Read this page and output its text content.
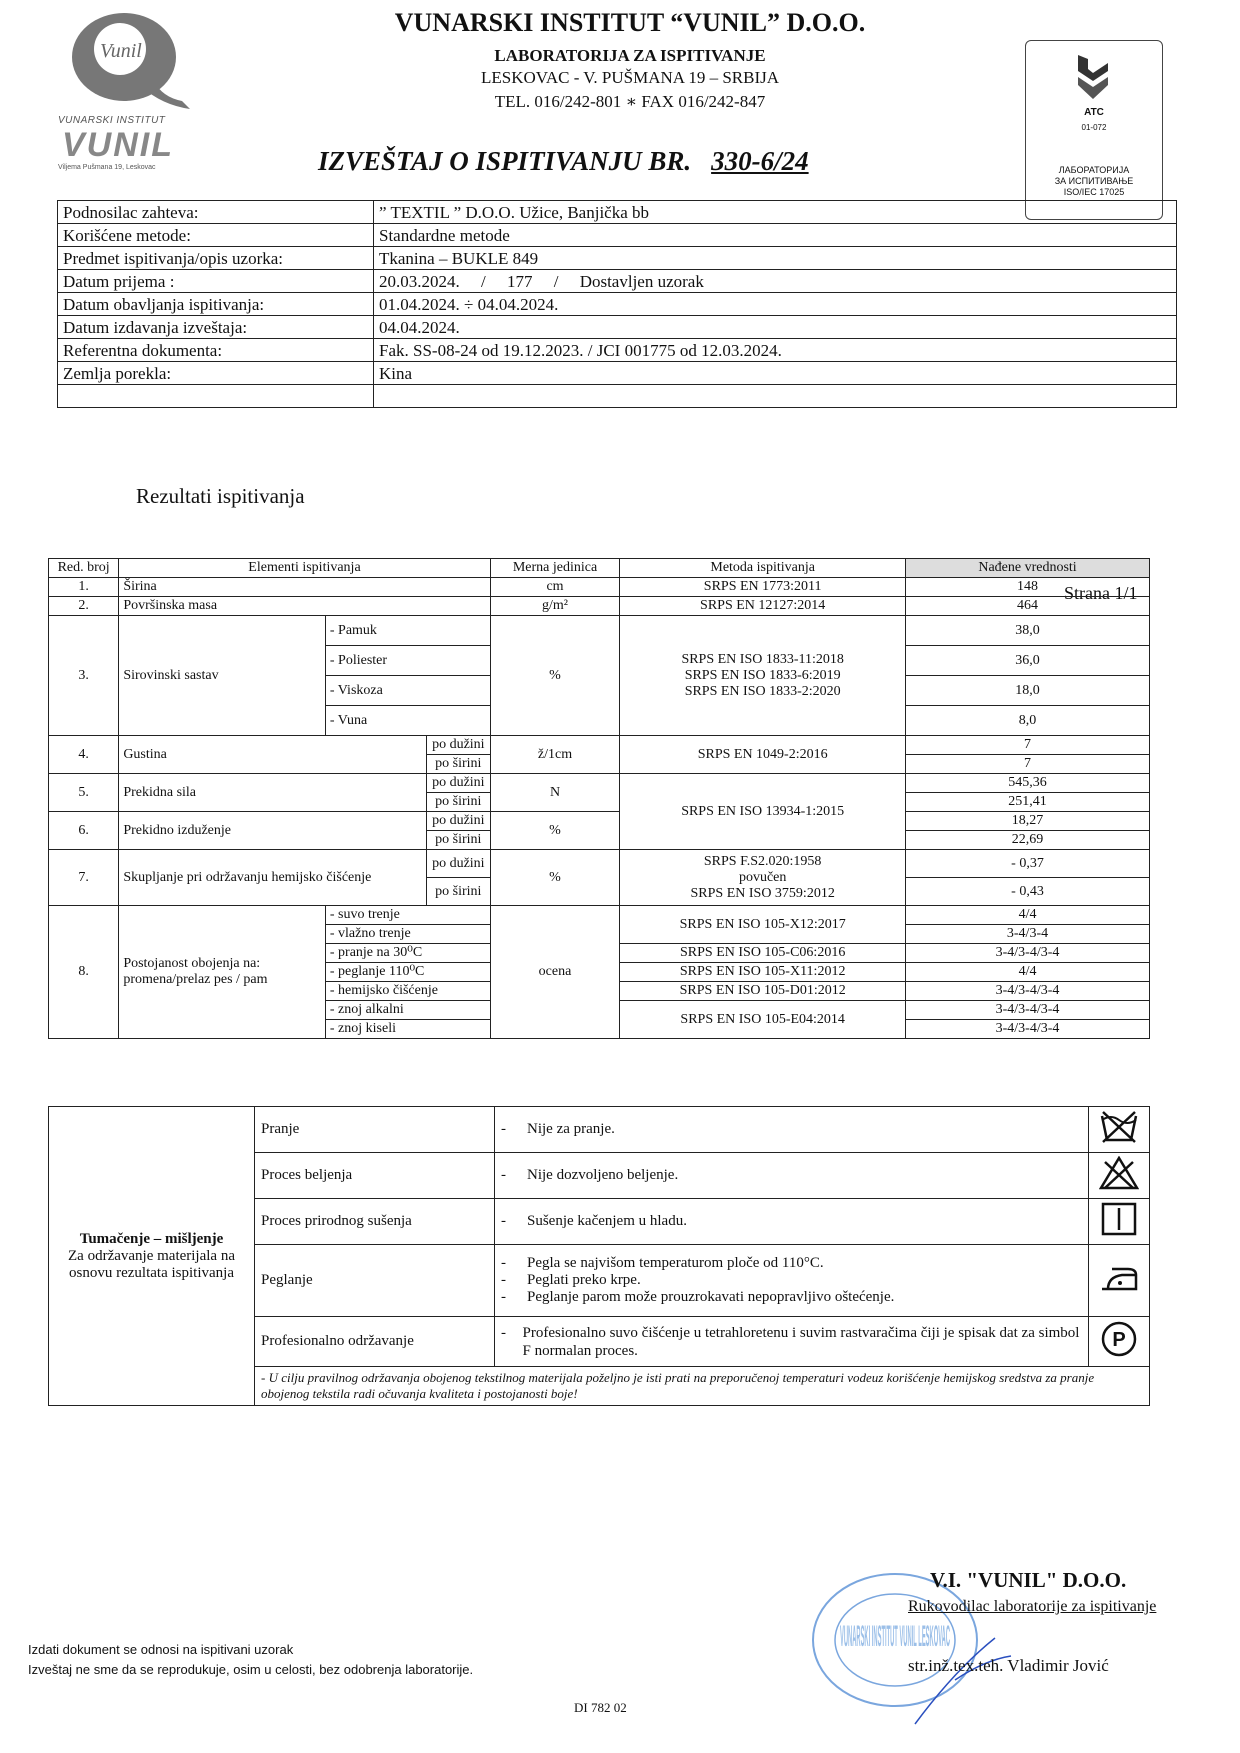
Vunil
VUNARSKI INSTITUT
VUNIL
Viljema Pušmana 19, Leskovac
VUNARSKI INSTITUT “VUNIL” D.O.O.
LABORATORIJA ZA ISPITIVANJE
LESKOVAC - V. PUŠMANA 19 – SRBIJA
TEL. 016/242-801 ∗ FAX 016/242-847
IZVEŠTAJ O ISPITIVANJU BR. 330-6/24
ATC
01-072
ЛАБОРАТОРИЈА
ЗА ИСПИТИВАЊЕ
ISO/IEC 17025
Podnosilac zahteva:	” TEXTIL ” D.O.O. Užice, Banjička bb
Korišćene metode:	Standardne metode
Predmet ispitivanja/opis uzorka:	Tkanina – BUKLE 849
Datum prijema :	20.03.2024.     /     177     /     Dostavljen uzorak
Datum obavljanja ispitivanja:	01.04.2024. ÷ 04.04.2024.
Datum izdavanja izveštaja:	04.04.2024.
Referentna dokumenta:	Fak. SS-08-24 od 19.12.2023. / JCI 001775 od 12.03.2024.
Zemlja porekla:	Kina

Rezultati ispitivanja
Strana 1/1
Red. broj	Elementi ispitivanja			Merna jedinica	Metoda ispitivanja	Nađene vrednosti
1.	Širina			cm	SRPS EN 1773:2011	148
2.	Površinska masa			g/m²	SRPS EN 12127:2014	464
3.	Sirovinski sastav	- Pamuk		%	SRPS EN ISO 1833-11:2018
SRPS EN ISO 1833-6:2019
SRPS EN ISO 1833-2:2020	38,0
		- Poliester				36,0
		- Viskoza				18,0
		- Vuna				8,0
4.	Gustina		po dužini	ž/1cm	SRPS EN 1049-2:2016	7
			po širini			7
5.	Prekidna sila		po dužini	N	SRPS EN ISO 13934-1:2015	545,36
			po širini			251,41
6.	Prekidno izduženje		po dužini	%		18,27
			po širini			22,69
7.	Skupljanje pri održavanju hemijsko čišćenje		po dužini	%	SRPS F.S2.020:1958
povučen
SRPS EN ISO 3759:2012	- 0,37
			po širini			- 0,43
8.	Postojanost obojenja na: promena/prelaz pes / pam	- suvo trenje		ocena	SRPS EN ISO 105-X12:2017	4/4
		- vlažno trenje				3-4/3-4
		- pranje na 30⁰C			SRPS EN ISO 105-C06:2016	3-4/3-4/3-4
		- peglanje 110⁰C			SRPS EN ISO 105-X11:2012	4/4
		- hemijsko čišćenje			SRPS EN ISO 105-D01:2012	3-4/3-4/3-4
		- znoj alkalni			SRPS EN ISO 105-E04:2014	3-4/3-4/3-4
		- znoj kiseli				3-4/3-4/3-4
Tumačenje – mišljenje
Za održavanje materijala na osnovu rezultata ispitivanja	Pranje	- Nije za pranje.	
	Proces beljenja	- Nije dozvoljeno beljenje.	
	Proces prirodnog sušenja	- Sušenje kačenjem u hladu.	
	Peglanje	- Pegla se najvišom temperaturom ploče od 110°C.
- Peglati preko krpe.
- Peglanje parom može prouzrokavati nepopravljivo oštećenje.

	Profesionalno održavanje	- Profesionalno suvo čišćenje u tetrahloretenu i suvim rastvaračima čiji je spisak dat za simbol F normalan proces.	P

	- U cilju pravilnog održavanja obojenog tekstilnog materijala poželjno je isti prati na preporučenoj temperaturi vodeuz korišćenje hemijskog sredstva za pranje obojenog tekstila radi očuvanja kvaliteta i postojanosti boje!		
Izdati dokument se odnosi na ispitivani uzorak
Izveštaj ne sme da se reprodukuje, osim u celosti, bez odobrenja laboratorije.
DI 782 02
VUNARSKI INSTITUT VUNIL LESKOVAC
V.I. "VUNIL" D.O.O.
Rukovodilac laboratorije za ispitivanje
str.inž.tex.teh. Vladimir Jović
